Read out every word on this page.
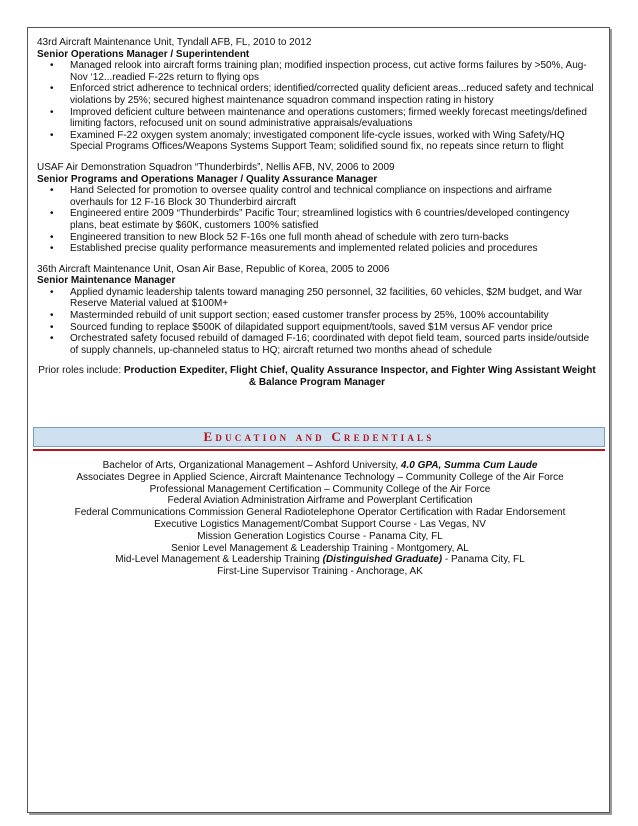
43rd Aircraft Maintenance Unit, Tyndall AFB, FL, 2010 to 2012

Senior Operations Manager / Superintendent

• Managed relook into aircraft forms training plan; modified inspection process, cut active forms failures by >50%, Aug-Nov ‘12...readied F-22s return to flying ops
• Enforced strict adherence to technical orders; identified/corrected quality deficient areas...reduced safety and technical violations by 25%; secured highest maintenance squadron command inspection rating in history
• Improved deficient culture between maintenance and operations customers; firmed weekly forecast meetings/defined limiting factors, refocused unit on sound administrative appraisals/evaluations
• Examined F-22 oxygen system anomaly; investigated component life-cycle issues, worked with Wing Safety/HQ Special Programs Offices/Weapons Systems Support Team; solidified sound fix, no repeats since return to flight

USAF Air Demonstration Squadron “Thunderbirds”, Nellis AFB, NV, 2006 to 2009

Senior Programs and Operations Manager / Quality Assurance Manager

• Hand Selected for promotion to oversee quality control and technical compliance on inspections and airframe overhauls for 12 F-16 Block 30 Thunderbird aircraft
• Engineered entire 2009 “Thunderbirds” Pacific Tour; streamlined logistics with 6 countries/developed contingency plans, beat estimate by $60K, customers 100% satisfied
• Engineered transition to new Block 52 F-16s one full month ahead of schedule with zero turn-backs
• Established precise quality performance measurements and implemented related policies and procedures

36th Aircraft Maintenance Unit, Osan Air Base, Republic of Korea, 2005 to 2006

Senior Maintenance Manager

• Applied dynamic leadership talents toward managing 250 personnel, 32 facilities, 60 vehicles, $2M budget, and War Reserve Material valued at $100M+
• Masterminded rebuild of unit support section; eased customer transfer process by 25%, 100% accountability
• Sourced funding to replace $500K of dilapidated support equipment/tools, saved $1M versus AF vendor price
• Orchestrated safety focused rebuild of damaged F-16; coordinated with depot field team, sourced parts inside/outside of supply channels, up-channeled status to HQ; aircraft returned two months ahead of schedule
Prior roles include: Production Expediter, Flight Chief, Quality Assurance Inspector, and Fighter Wing Assistant Weight & Balance Program Manager
Education and Credentials
Bachelor of Arts, Organizational Management – Ashford University, 4.0 GPA, Summa Cum Laude
Associates Degree in Applied Science, Aircraft Maintenance Technology – Community College of the Air Force
Professional Management Certification – Community College of the Air Force
Federal Aviation Administration Airframe and Powerplant Certification
Federal Communications Commission General Radiotelephone Operator Certification with Radar Endorsement
Executive Logistics Management/Combat Support Course - Las Vegas, NV
Mission Generation Logistics Course - Panama City, FL
Senior Level Management & Leadership Training - Montgomery, AL
Mid-Level Management & Leadership Training (Distinguished Graduate) - Panama City, FL
First-Line Supervisor Training - Anchorage, AK
